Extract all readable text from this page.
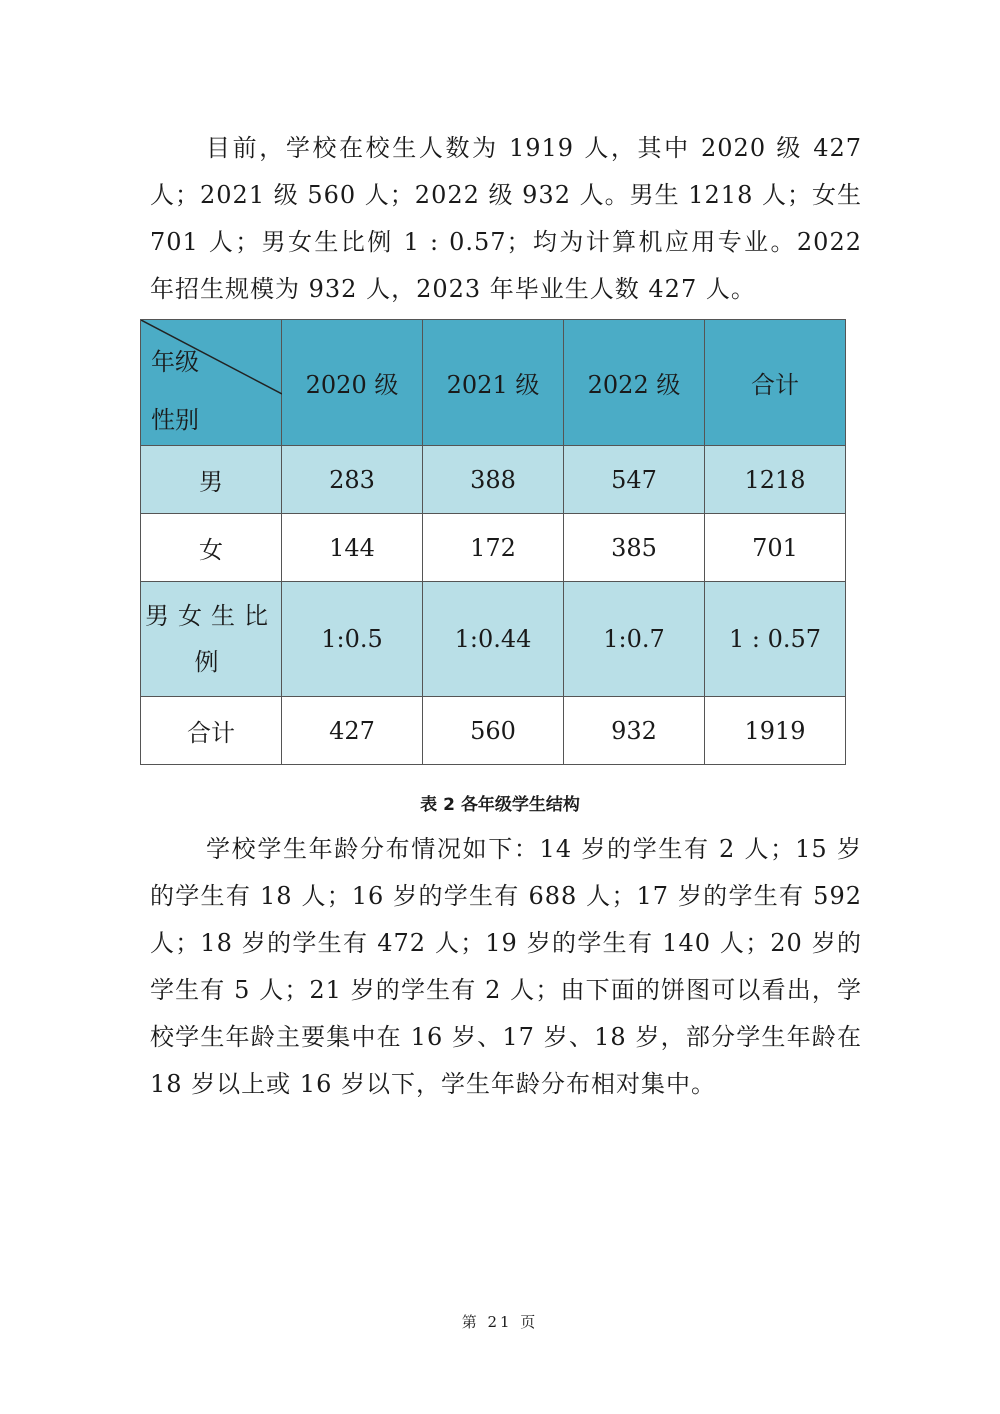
目前，学校在校生人数为 1919 人，其中 2020 级 427 人；2021 级 560 人；2022 级 932 人。男生 1218 人；女生 701 人；男女生比例 1 : 0.57；均为计算机应用专业。2022 年招生规模为 932 人，2023 年毕业生人数 427 人。

年级
性别	2020 级	2021 级	2022 级	合计
男	283	388	547	1218
女	144	172	385	701
男女生比例	1:0.5	1:0.44	1:0.7	1 : 0.57
合计	427	560	932	1919
表 2 各年级学生结构

学校学生年龄分布情况如下：14 岁的学生有 2 人；15 岁的学生有 18 人；16 岁的学生有 688 人；17 岁的学生有 592 人；18 岁的学生有 472 人；19 岁的学生有 140 人；20 岁的学生有 5 人；21 岁的学生有 2 人；由下面的饼图可以看出，学校学生年龄主要集中在 16 岁、17 岁、18 岁，部分学生年龄在 18 岁以上或 16 岁以下，学生年龄分布相对集中。

第 21 页
